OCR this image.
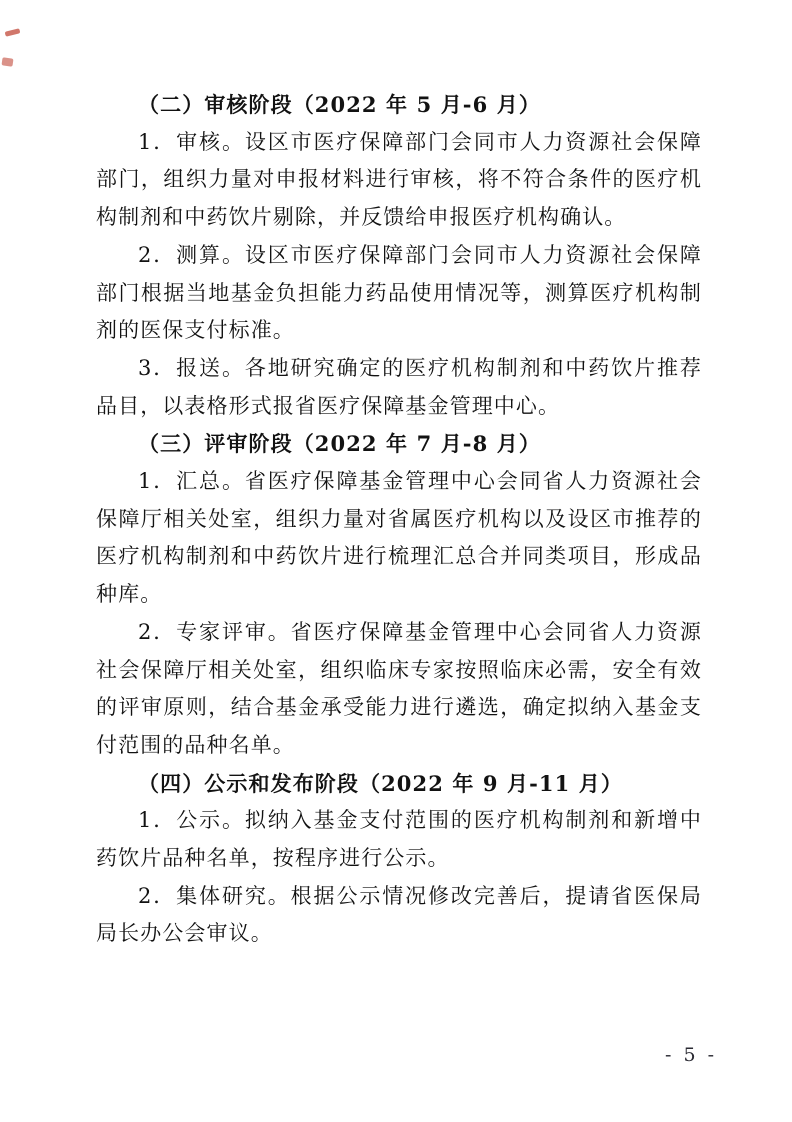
（二）审核阶段（2022 年 5 月-6 月）

1．审核。设区市医疗保障部门会同市人力资源社会保障部门，组织力量对申报材料进行审核，将不符合条件的医疗机构制剂和中药饮片剔除，并反馈给申报医疗机构确认。

2．测算。设区市医疗保障部门会同市人力资源社会保障部门根据当地基金负担能力药品使用情况等，测算医疗机构制剂的医保支付标准。

3．报送。各地研究确定的医疗机构制剂和中药饮片推荐品目，以表格形式报省医疗保障基金管理中心。

（三）评审阶段（2022 年 7 月-8 月）

1．汇总。省医疗保障基金管理中心会同省人力资源社会保障厅相关处室，组织力量对省属医疗机构以及设区市推荐的医疗机构制剂和中药饮片进行梳理汇总合并同类项目，形成品种库。

2．专家评审。省医疗保障基金管理中心会同省人力资源社会保障厅相关处室，组织临床专家按照临床必需，安全有效的评审原则，结合基金承受能力进行遴选，确定拟纳入基金支付范围的品种名单。

（四）公示和发布阶段（2022 年 9 月-11 月）

1．公示。拟纳入基金支付范围的医疗机构制剂和新增中药饮片品种名单，按程序进行公示。

2．集体研究。根据公示情况修改完善后，提请省医保局局长办公会审议。

- 5 -
